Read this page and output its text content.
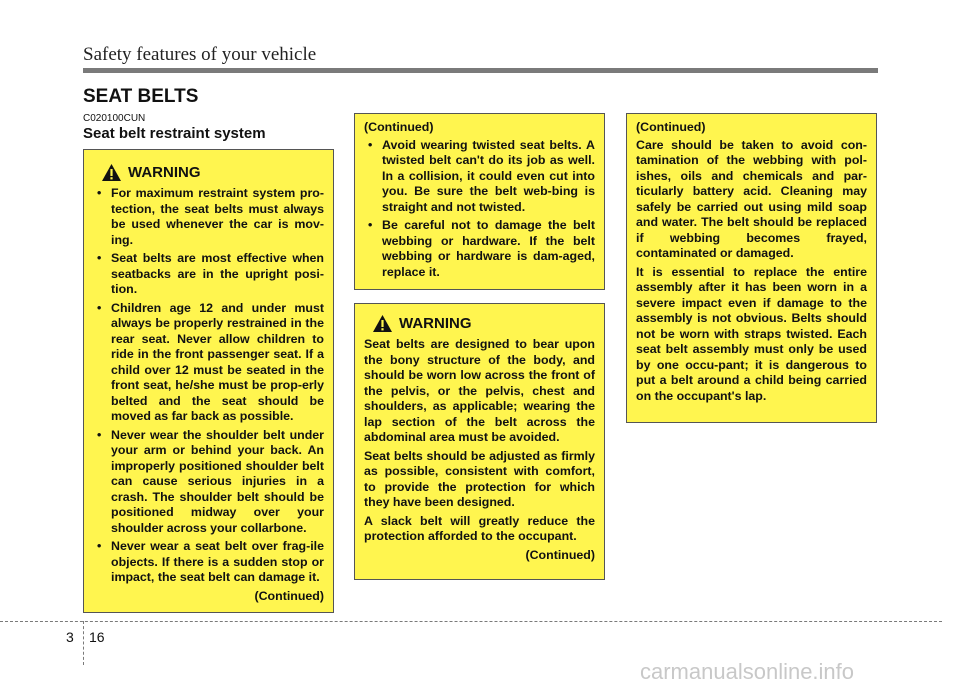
Safety features of your vehicle
SEAT BELTS
C020100CUN
Seat belt restraint system
WARNING
• For maximum restraint system pro-tection, the seat belts must always be used whenever the car is mov-ing.
• Seat belts are most effective when seatbacks are in the upright posi-tion.
• Children age 12 and under must always be properly restrained in the rear seat. Never allow children to ride in the front passenger seat. If a child over 12 must be seated in the front seat, he/she must be prop-erly belted and the seat should be moved as far back as possible.
• Never wear the shoulder belt under your arm or behind your back. An improperly positioned shoulder belt can cause serious injuries in a crash. The shoulder belt should be positioned midway over your shoulder across your collarbone.
• Never wear a seat belt over frag-ile objects. If there is a sudden stop or impact, the seat belt can damage it.
(Continued)
(Continued)
• Avoid wearing twisted seat belts. A twisted belt can't do its job as well. In a collision, it could even cut into you. Be sure the belt web-bing is straight and not twisted.
• Be careful not to damage the belt webbing or hardware. If the belt webbing or hardware is dam-aged, replace it.
WARNING

Seat belts are designed to bear upon the bony structure of the body, and should be worn low across the front of the pelvis, or the pelvis, chest and shoulders, as applicable; wearing the lap section of the belt across the abdominal area must be avoided.

Seat belts should be adjusted as firmly as possible, consistent with comfort, to provide the protection for which they have been designed.

A slack belt will greatly reduce the protection afforded to the occupant.

(Continued)
(Continued)

Care should be taken to avoid con-tamination of the webbing with pol-ishes, oils and chemicals and par-ticularly battery acid. Cleaning may safely be carried out using mild soap and water. The belt should be replaced if webbing becomes frayed, contaminated or damaged.

It is essential to replace the entire assembly after it has been worn in a severe impact even if damage to the assembly is not obvious. Belts should not be worn with straps twisted. Each seat belt assembly must only be used by one occu-pant; it is dangerous to put a belt around a child being carried on the occupant's lap.

3 16
carmanualsonline.info
